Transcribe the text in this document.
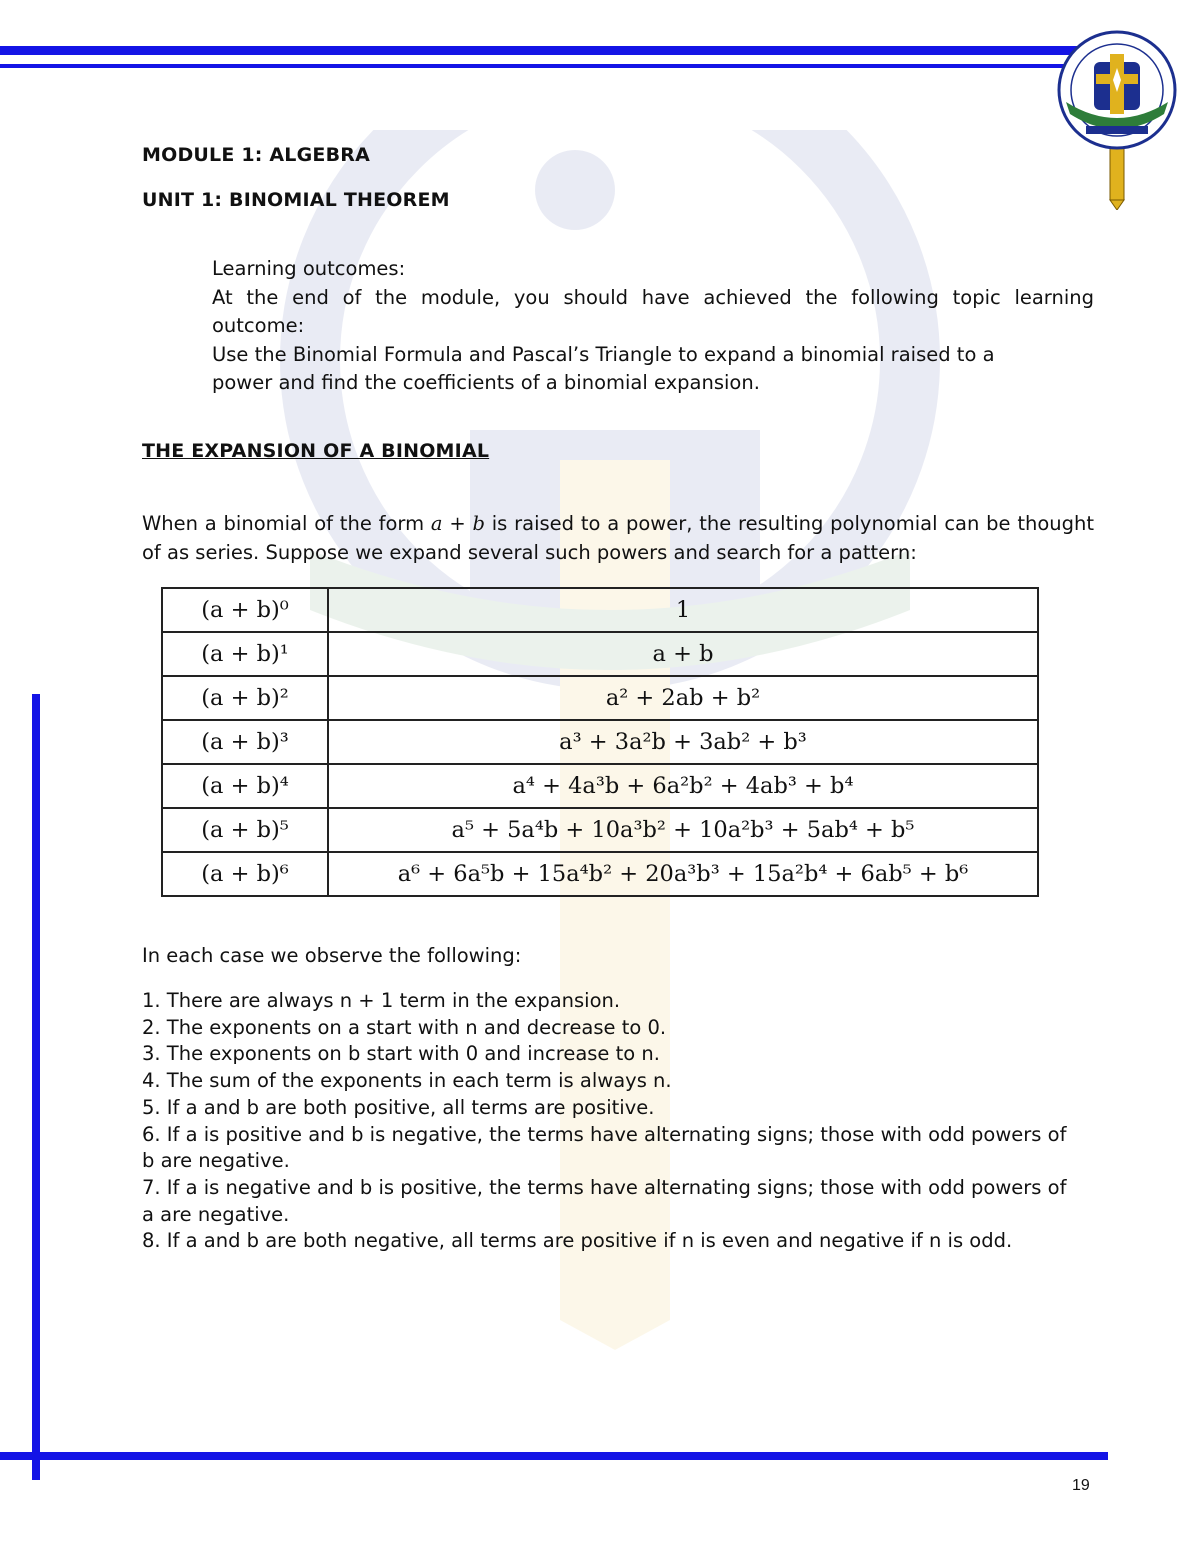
MODULE 1: ALGEBRA
UNIT 1: BINOMIAL THEOREM

Learning outcomes:

At the end of the module, you should have achieved the following topic learning outcome:

Use the Binomial Formula and Pascal’s Triangle to expand a binomial raised to a

power and find the coefficients of a binomial expansion.

THE EXPANSION OF A BINOMIAL
When a binomial of the form a + b is raised to a power, the resulting polynomial can be thought of as series. Suppose we expand several such powers and search for a pattern:
(a + b)⁰	1
(a + b)¹	a + b
(a + b)²	a² + 2ab + b²
(a + b)³	a³ + 3a²b + 3ab² + b³
(a + b)⁴	a⁴ + 4a³b + 6a²b² + 4ab³ + b⁴
(a + b)⁵	a⁵ + 5a⁴b + 10a³b² + 10a²b³ + 5ab⁴ + b⁵
(a + b)⁶	a⁶ + 6a⁵b + 15a⁴b² + 20a³b³ + 15a²b⁴ + 6ab⁵ + b⁶
In each case we observe the following:
1. There are always n + 1 term in the expansion.
2. The exponents on a start with n and decrease to 0.
3. The exponents on b start with 0 and increase to n.
4. The sum of the exponents in each term is always n.
5. If a and b are both positive, all terms are positive.
6. If a is positive and b is negative, the terms have alternating signs; those with odd powers of b are negative.
7. If a is negative and b is positive, the terms have alternating signs; those with odd powers of a are negative.
8. If a and b are both negative, all terms are positive if n is even and negative if n is odd.
19
